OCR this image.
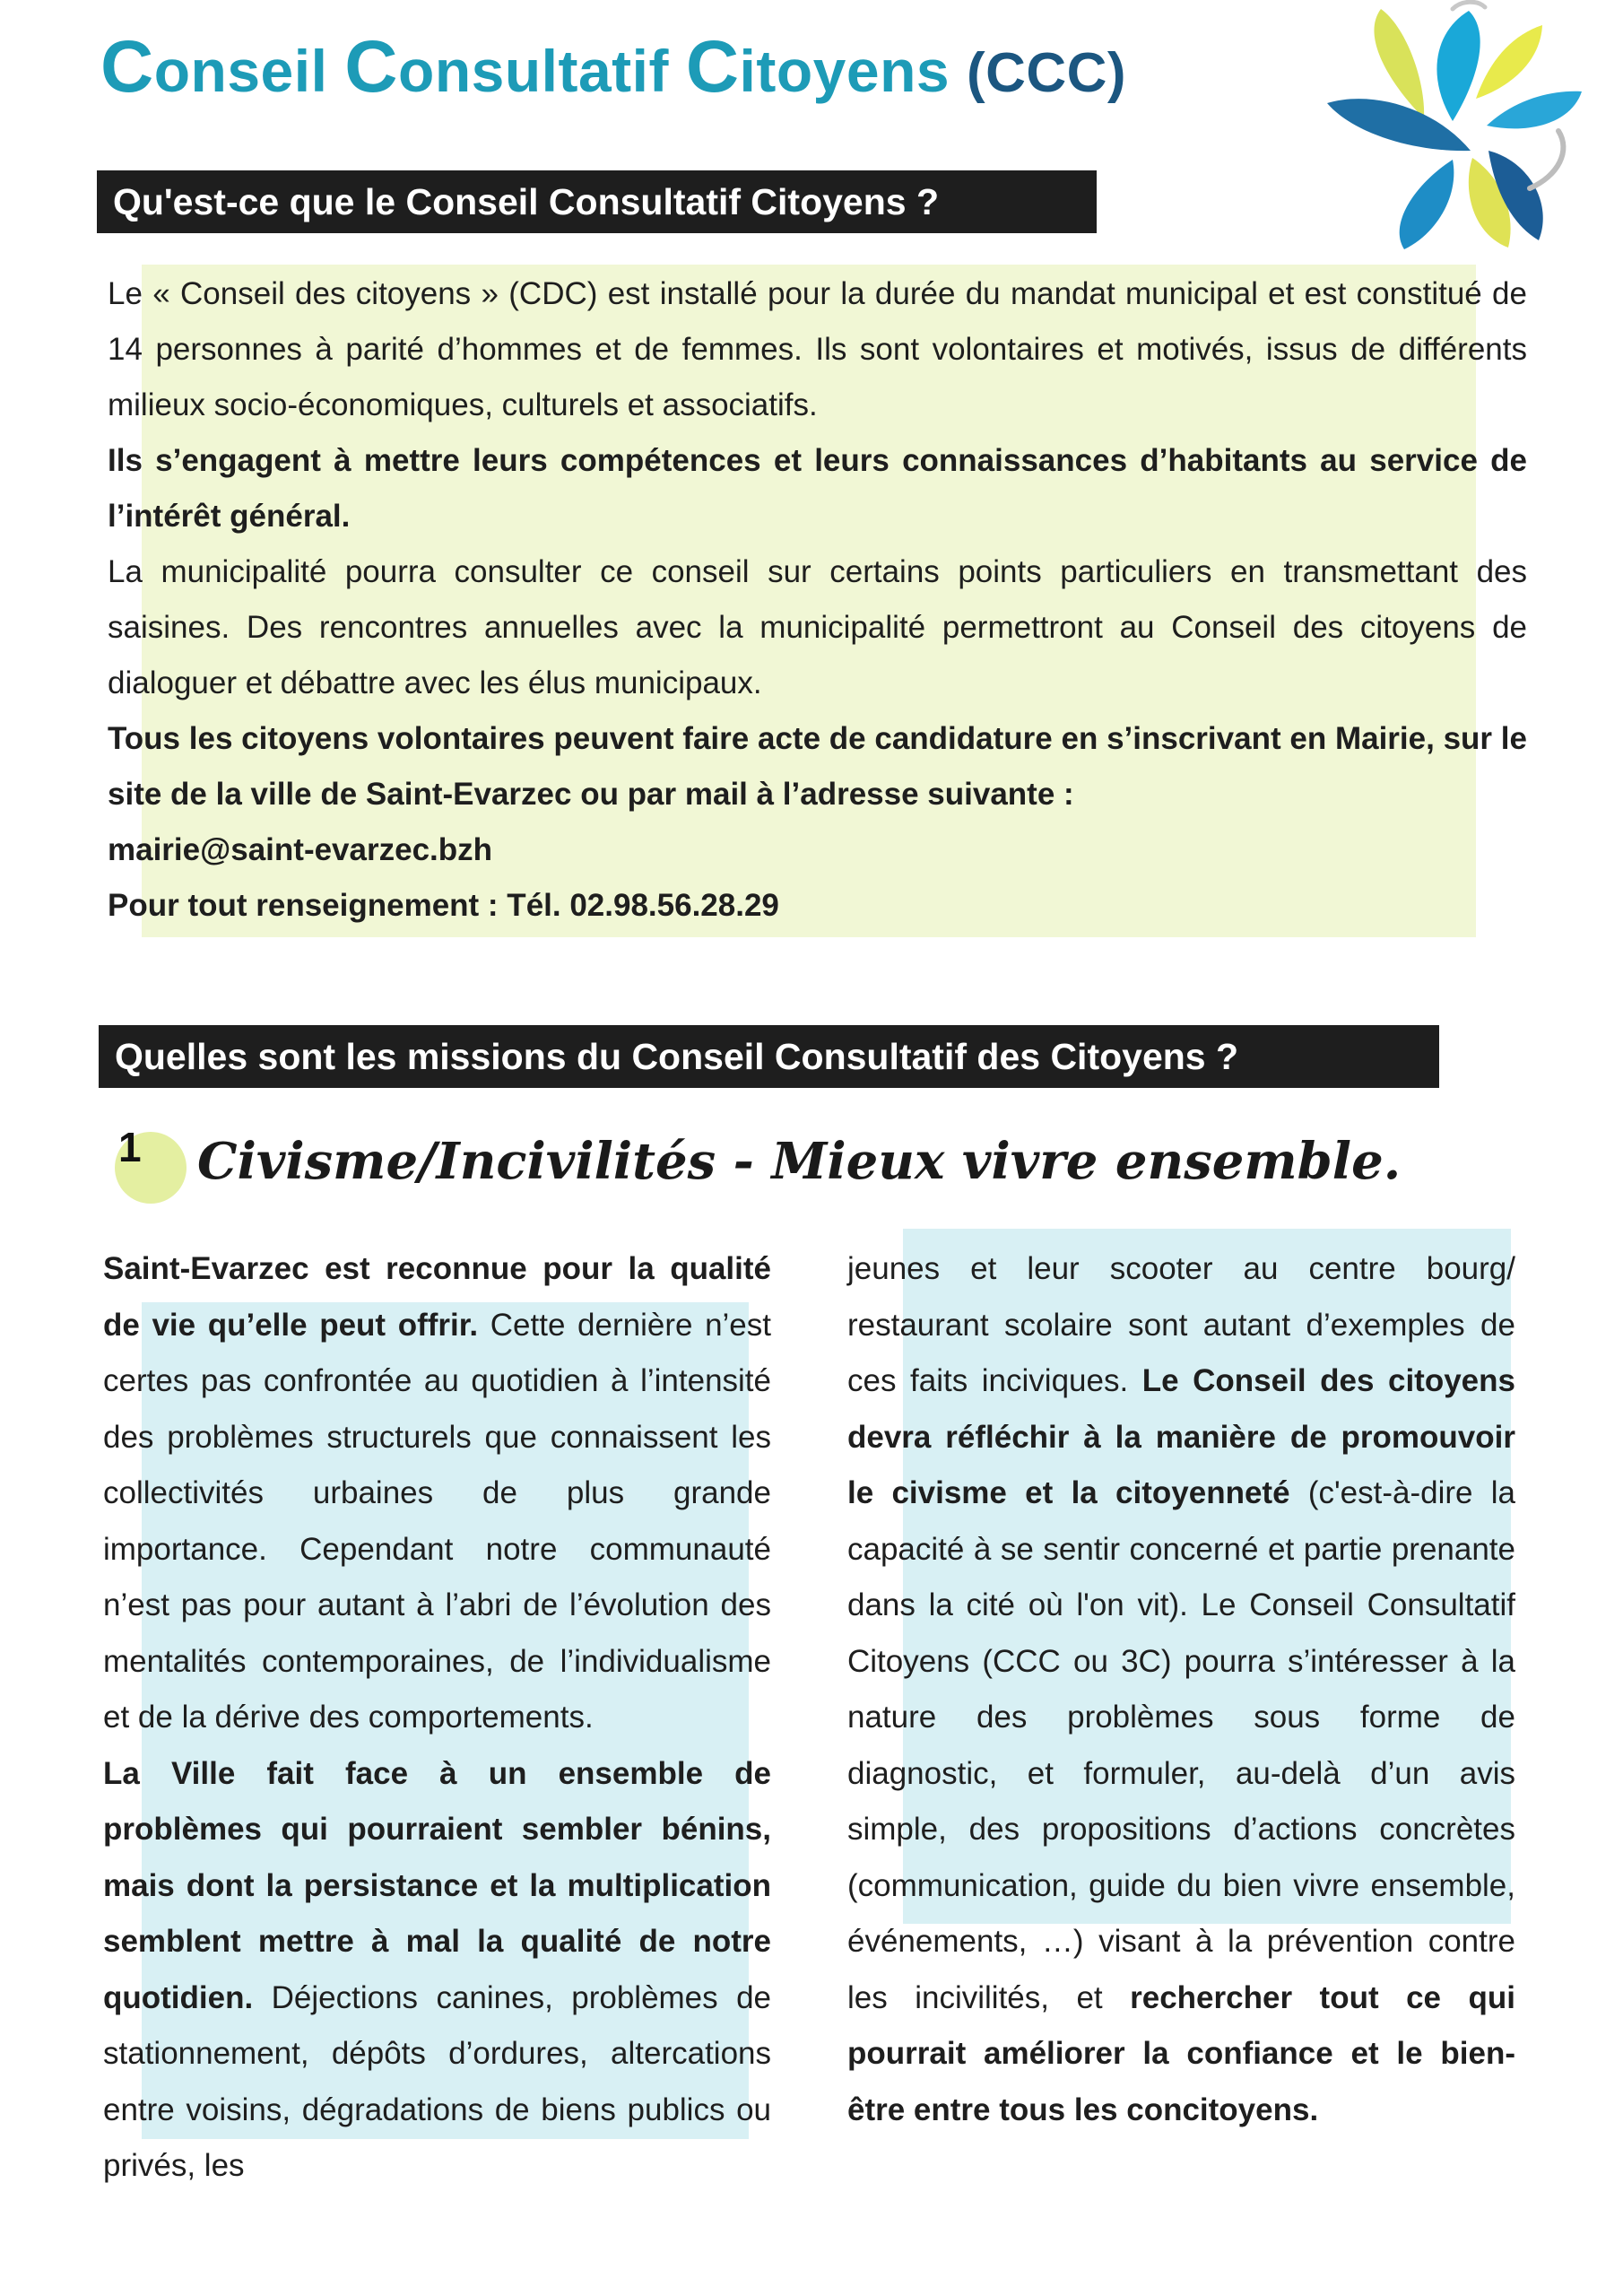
Conseil Consultatif Citoyens (CCC)
Qu'est-ce que le Conseil Consultatif Citoyens ?

Le « Conseil des citoyens » (CDC) est installé pour la durée du mandat municipal et est constitué de 14 personnes à parité d’hommes et de femmes. Ils sont volontaires et motivés, issus de différents milieux socio-économiques, culturels et associatifs.

Ils s’engagent à mettre leurs compétences et leurs connaissances d’habitants au service de l’intérêt général.

La municipalité pourra consulter ce conseil sur certains points particuliers en transmettant des saisines. Des rencontres annuelles avec la municipalité permettront au Conseil des citoyens de dialoguer et débattre avec les élus municipaux.

Tous les citoyens volontaires peuvent faire acte de candidature en s’inscrivant en Mairie, sur le site de la ville de Saint-Evarzec ou par mail à l’adresse suivante :

mairie@saint-evarzec.bzh

Pour tout renseignement : Tél. 02.98.56.28.29

Quelles sont les missions du Conseil Consultatif des Citoyens ?
1 Civisme/Incivilités - Mieux vivre ensemble.

Saint-Evarzec est reconnue pour la qualité de vie qu’elle peut offrir. Cette dernière n’est certes pas confrontée au quotidien à l’intensité des problèmes structurels que connaissent les collectivités urbaines de plus grande importance. Cependant notre communauté n’est pas pour autant à l’abri de l’évolution des mentalités contemporaines, de l’individualisme et de la dérive des comportements.

La Ville fait face à un ensemble de problèmes qui pourraient sembler bénins, mais dont la persistance et la multiplication semblent mettre à mal la qualité de notre quotidien. Déjections canines, problèmes de stationnement, dépôts d’ordures, altercations entre voisins, dégradations de biens publics ou privés, les

jeunes et leur scooter au centre bourg/ restaurant scolaire sont autant d’exemples de ces faits inciviques. Le Conseil des citoyens devra réfléchir à la manière de promouvoir le civisme et la citoyenneté (c'est-à-dire la capacité à se sentir concerné et partie prenante dans la cité où l'on vit). Le Conseil Consultatif Citoyens (CCC ou 3C) pourra s’intéresser à la nature des problèmes sous forme de diagnostic, et formuler, au-delà d’un avis simple, des propositions d’actions concrètes (communication, guide du bien vivre ensemble, événements, …) visant à la prévention contre les incivilités, et rechercher tout ce qui pourrait améliorer la confiance et le bien-être entre tous les concitoyens.
